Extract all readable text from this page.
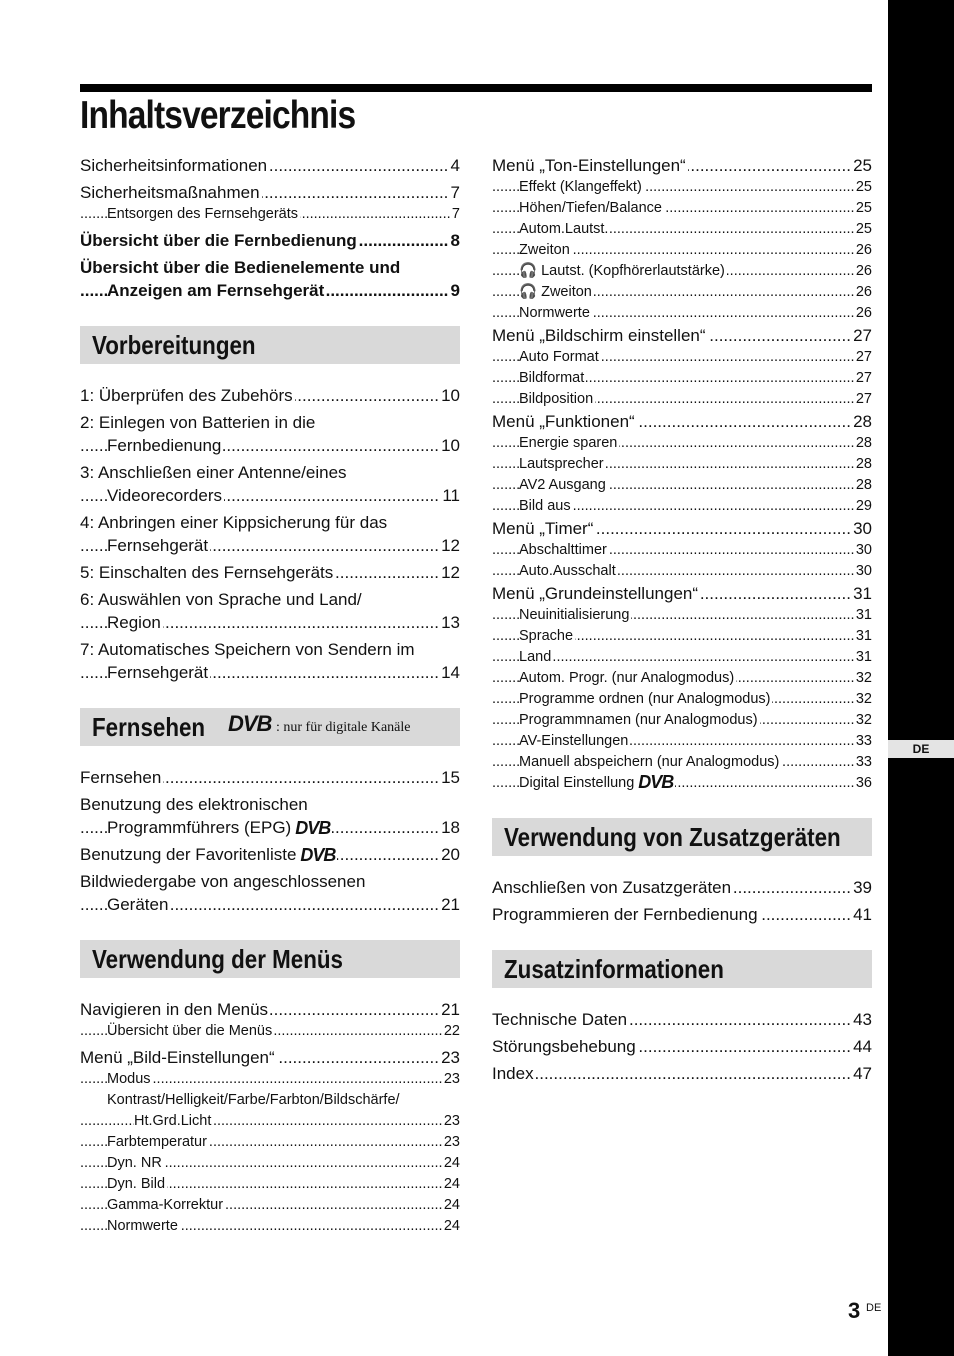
DE
Inhaltsverzeichnis
..... Sicherheitsinformationen	4
..... Sicherheitsmaßnahmen	7
..... Entsorgen des Fernsehgeräts	7
..... Übersicht über die Fernbedienung	8
Übersicht über die Bedienelemente und
..... Anzeigen am Fernsehgerät	9
Vorbereitungen
..... 1: Überprüfen des Zubehörs	10
2: Einlegen von Batterien in die
..... Fernbedienung	10
3: Anschließen einer Antenne/eines
..... Videorecorders	11
4: Anbringen einer Kippsicherung für das
..... Fernsehgerät	12
..... 5: Einschalten des Fernsehgeräts	12
6: Auswählen von Sprache und Land/
..... Region	13
7: Automatisches Speichern von Sendern im
..... Fernsehgerät	14
Fernsehen DVB : nur für digitale Kanäle
..... Fernsehen	15
Benutzung des elektronischen
..... Programmführers (EPG) DVB	18
..... Benutzung der Favoritenliste DVB	20
Bildwiedergabe von angeschlossenen
..... Geräten	21
Verwendung der Menüs
..... Navigieren in den Menüs	21
..... Übersicht über die Menüs	22
..... Menü „Bild-Einstellungen“	23
..... Modus	23
Kontrast/Helligkeit/Farbe/Farbton/Bildschärfe/
..... Ht.Grd.Licht	23
..... Farbtemperatur	23
..... Dyn. NR	24
..... Dyn. Bild	24
..... Gamma-Korrektur	24
..... Normwerte	24
..... Menü „Ton-Einstellungen“	25
..... Effekt (Klangeffekt)	25
..... Höhen/Tiefen/Balance	25
..... Autom.Lautst.	25
..... Zweiton	26
..... 🎧 Lautst. (Kopfhörerlautstärke)	26
..... 🎧 Zweiton	26
..... Normwerte	26
..... Menü „Bildschirm einstellen“	27
..... Auto Format	27
..... Bildformat	27
..... Bildposition	27
..... Menü „Funktionen“	28
..... Energie sparen	28
..... Lautsprecher	28
..... AV2 Ausgang	28
..... Bild aus	29
..... Menü „Timer“	30
..... Abschalttimer	30
..... Auto.Ausschalt	30
..... Menü „Grundeinstellungen“	31
..... Neuinitialisierung	31
..... Sprache	31
..... Land	31
..... Autom. Progr. (nur Analogmodus)	32
..... Programme ordnen (nur Analogmodus)	32
..... Programmnamen (nur Analogmodus)	32
..... AV-Einstellungen	33
..... Manuell abspeichern (nur Analogmodus)	33
..... Digital Einstellung DVB	36
Verwendung von Zusatzgeräten
..... Anschließen von Zusatzgeräten	39
..... Programmieren der Fernbedienung	41
Zusatzinformationen
..... Technische Daten	43
..... Störungsbehebung	44
..... Index	47
3 DE
